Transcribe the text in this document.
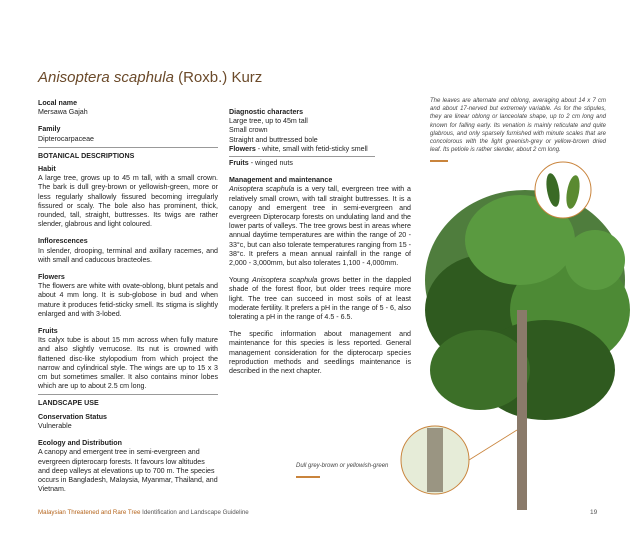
Anisoptera scaphula (Roxb.) Kurz
Local name
Mersawa Gajah
Family
Dipterocarpaceae
BOTANICAL DESCRIPTIONS
Habit
A large tree, grows up to 45 m tall, with a small crown. The bark is dull grey-brown or yellowish-green, more or less regularly shallowly fissured becoming irregularly fissured or scaly. The bole also has prominent, thick, rounded, tall, straight, buttresses. Its twigs are rather slender, glabrous and light coloured.
Inflorescences
In slender, drooping, terminal and axillary racemes, and with small and caducous bracteoles.
Flowers
The flowers are white with ovate-oblong, blunt petals and about 4 mm long. It is sub-globose in bud and when mature it produces fetid-sticky smell. Its stigma is slightly enlarged and with 3-lobed.
Fruits
Its calyx tube is about 15 mm across when fully mature and also slightly verrucose. Its nut is crowned with flattened disc-like stylopodium from which project the narrow and cylindrical style. The wings are up to 15 x 3 cm but sometimes smaller. It also contains minor lobes which are up to about 2.5 cm long.
LANDSCAPE USE
Conservation Status
Vulnerable
Ecology and Distribution
A canopy and emergent tree in semi-evergreen and evergreen dipterocarp forests. It favours low altitudes and deep valleys at elevations up to 700 m. The species occurs in Bangladesh, Malaysia, Myanmar, Thailand, and Vietnam.
Diagnostic characters
Large tree, up to 45m tall
Small crown
Straight and buttressed bole
Flowers - white, small with fetid-sticky smell
Fruits - winged nuts
Management and maintenance
Anisoptera scaphula is a very tall, evergreen tree with a relatively small crown, with tall straight buttresses. It is a canopy and emergent tree in semi-evergreen and evergreen Dipterocarp forests on undulating land and the lower parts of valleys. The tree grows best in areas where annual daytime temperatures are within the range of 20 - 33°c, but can also tolerate temperatures ranging from 15 - 38°c. It prefers a mean annual rainfall in the range of 2,000 - 3,000mm, but also tolerates 1,100 - 4,000mm.
Young Anisoptera scaphula grows better in the dappled shade of the forest floor, but older trees require more light. The tree can succeed in most soils of at least moderate fertility. It prefers a pH in the range of 5 - 6, also tolerating a pH in the range of 4.5 - 6.5.
The specific information about management and maintenance for this species is less reported. General management consideration for the dipterocarp species reproduction methods and seedlings maintenance is described in the next chapter.
The leaves are alternate and oblong, averaging about 14 x 7 cm and about 17-nerved but extremely variable. As for the stipules, they are linear oblong or lanceolate shape, up to 2 cm long and known for falling early. Its venation is mainly reticulate and quite glabrous, and only sparsely furnished with minute scales that are concolorous with the light greenish-grey or yellow-brown dried leaf. Its petiole is rather slender, about 2 cm long.
Dull grey-brown or yellowish-green
Malaysian Threatened and Rare Tree Identification and Landscape Guideline	19
